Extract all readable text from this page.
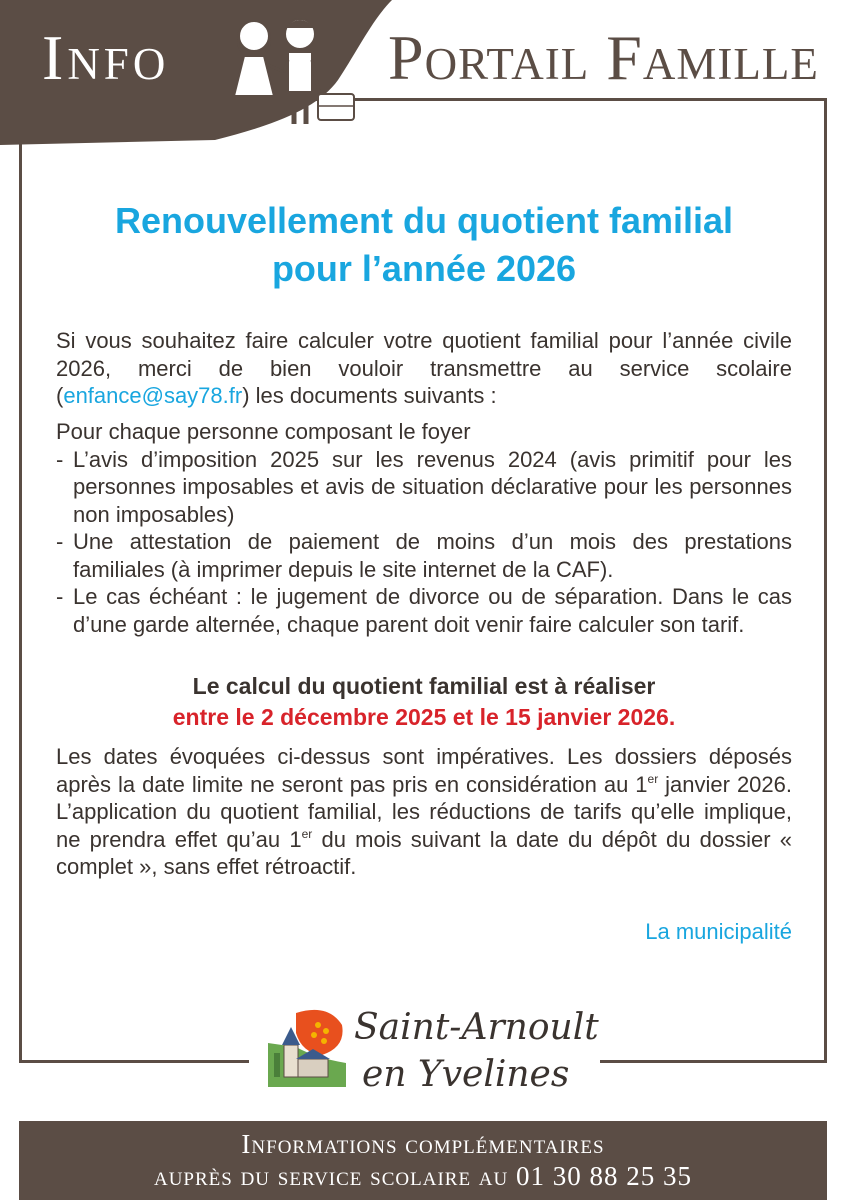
Info	Portail Famille
Renouvellement du quotient familial
pour l’année 2026
Si vous souhaitez faire calculer votre quotient familial pour l’année civile 2026, merci de bien vouloir transmettre au service scolaire (enfance@say78.fr) les documents suivants :
Pour chaque personne composant le foyer
- L’avis d’imposition 2025 sur les revenus 2024 (avis primitif pour les personnes imposables et avis de situation déclarative pour les personnes non imposables)
- Une attestation de paiement de moins d’un mois des prestations familiales (à imprimer depuis le site internet de la CAF).
- Le cas échéant : le jugement de divorce ou de séparation. Dans le cas d’une garde alternée, chaque parent doit venir faire calculer son tarif.
Le calcul du quotient familial est à réaliser
entre le 2 décembre 2025 et le 15 janvier 2026.
Les dates évoquées ci-dessus sont impératives. Les dossiers déposés après la date limite ne seront pas pris en considération au 1er janvier 2026. L’application du quotient familial, les réductions de tarifs qu’elle implique, ne prendra effet qu’au 1er du mois suivant la date du dépôt du dossier « complet », sans effet rétroactif.
La municipalité
Saint-Arnoult
en Yvelines
Informations complémentaires
auprès du service scolaire au 01 30 88 25 35
